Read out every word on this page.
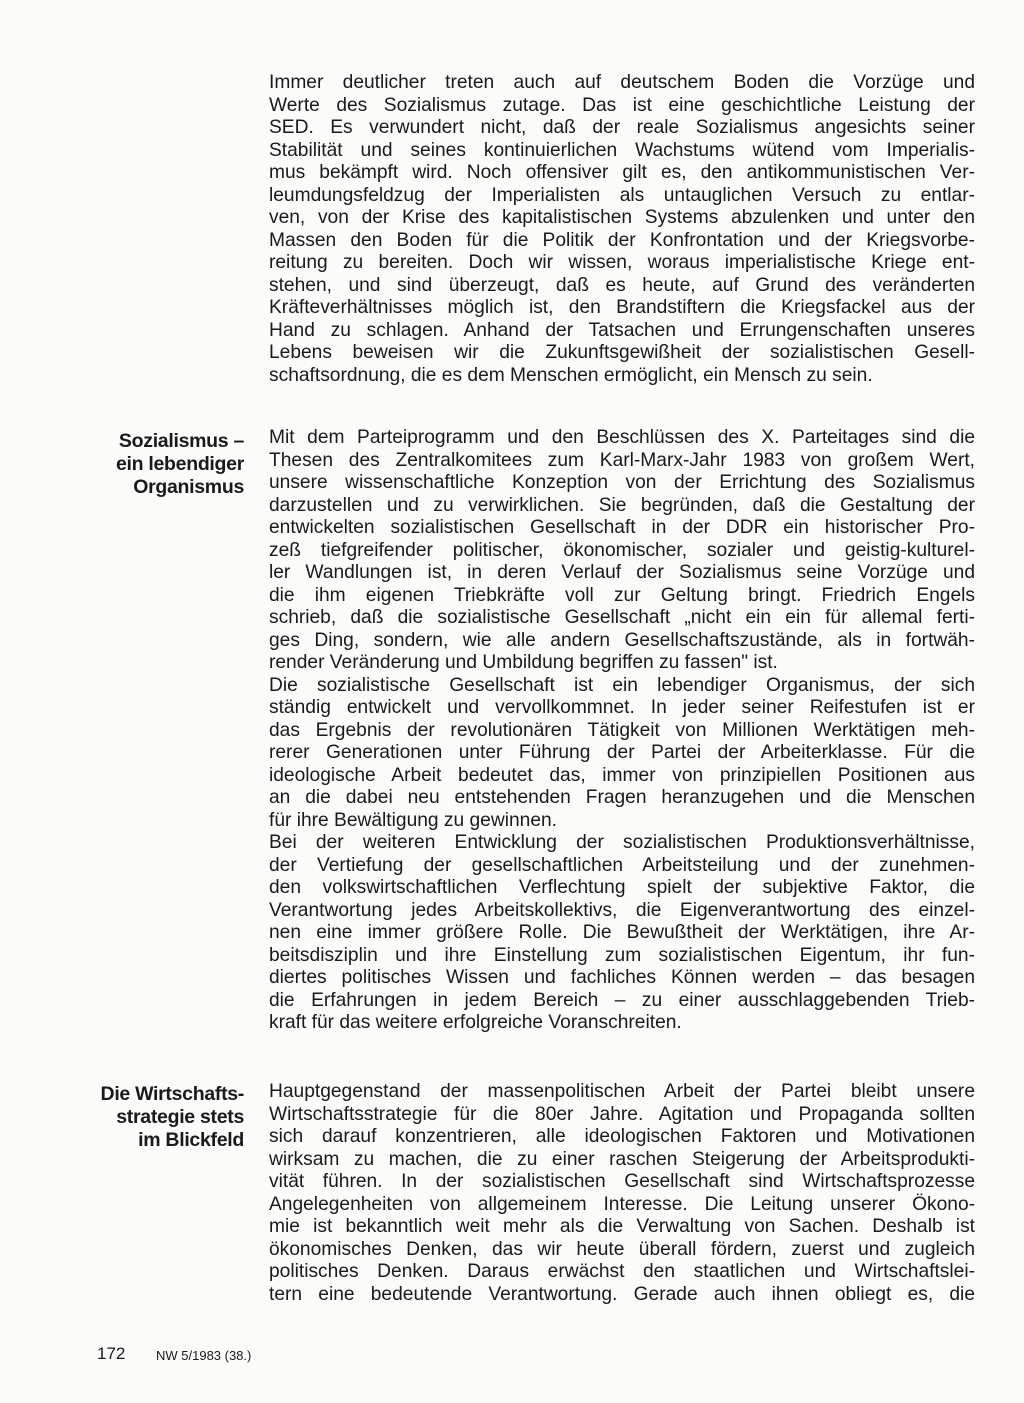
Immer deutlicher treten auch auf deutschem Boden die Vorzüge und
Werte des Sozialismus zutage. Das ist eine geschichtliche Leistung der
SED. Es verwundert nicht, daß der reale Sozialismus angesichts seiner
Stabilität und seines kontinuierlichen Wachstums wütend vom Imperialis-
mus bekämpft wird. Noch offensiver gilt es, den antikommunistischen Ver-
leumdungsfeldzug der Imperialisten als untauglichen Versuch zu entlar-
ven, von der Krise des kapitalistischen Systems abzulenken und unter den
Massen den Boden für die Politik der Konfrontation und der Kriegsvorbe-
reitung zu bereiten. Doch wir wissen, woraus imperialistische Kriege ent-
stehen, und sind überzeugt, daß es heute, auf Grund des veränderten
Kräfteverhältnisses möglich ist, den Brandstiftern die Kriegsfackel aus der
Hand zu schlagen. Anhand der Tatsachen und Errungenschaften unseres
Lebens beweisen wir die Zukunftsgewißheit der sozialistischen Gesell-
schaftsordnung, die es dem Menschen ermöglicht, ein Mensch zu sein.
Sozialismus –
ein lebendiger
Organismus
Mit dem Parteiprogramm und den Beschlüssen des X. Parteitages sind die
Thesen des Zentralkomitees zum Karl-Marx-Jahr 1983 von großem Wert,
unsere wissenschaftliche Konzeption von der Errichtung des Sozialismus
darzustellen und zu verwirklichen. Sie begründen, daß die Gestaltung der
entwickelten sozialistischen Gesellschaft in der DDR ein historischer Pro-
zeß tiefgreifender politischer, ökonomischer, sozialer und geistig-kulturel-
ler Wandlungen ist, in deren Verlauf der Sozialismus seine Vorzüge und
die ihm eigenen Triebkräfte voll zur Geltung bringt. Friedrich Engels
schrieb, daß die sozialistische Gesellschaft „nicht ein ein für allemal ferti-
ges Ding, sondern, wie alle andern Gesellschaftszustände, als in fortwäh-
render Veränderung und Umbildung begriffen zu fassen" ist.
Die sozialistische Gesellschaft ist ein lebendiger Organismus, der sich
ständig entwickelt und vervollkommnet. In jeder seiner Reifestufen ist er
das Ergebnis der revolutionären Tätigkeit von Millionen Werktätigen meh-
rerer Generationen unter Führung der Partei der Arbeiterklasse. Für die
ideologische Arbeit bedeutet das, immer von prinzipiellen Positionen aus
an die dabei neu entstehenden Fragen heranzugehen und die Menschen
für ihre Bewältigung zu gewinnen.
Bei der weiteren Entwicklung der sozialistischen Produktionsverhältnisse,
der Vertiefung der gesellschaftlichen Arbeitsteilung und der zunehmen-
den volkswirtschaftlichen Verflechtung spielt der subjektive Faktor, die
Verantwortung jedes Arbeitskollektivs, die Eigenverantwortung des einzel-
nen eine immer größere Rolle. Die Bewußtheit der Werktätigen, ihre Ar-
beitsdisziplin und ihre Einstellung zum sozialistischen Eigentum, ihr fun-
diertes politisches Wissen und fachliches Können werden – das besagen
die Erfahrungen in jedem Bereich – zu einer ausschlaggebenden Trieb-
kraft für das weitere erfolgreiche Voranschreiten.
Die Wirtschafts-
strategie stets
im Blickfeld
Hauptgegenstand der massenpolitischen Arbeit der Partei bleibt unsere
Wirtschaftsstrategie für die 80er Jahre. Agitation und Propaganda sollten
sich darauf konzentrieren, alle ideologischen Faktoren und Motivationen
wirksam zu machen, die zu einer raschen Steigerung der Arbeitsprodukti-
vität führen. In der sozialistischen Gesellschaft sind Wirtschaftsprozesse
Angelegenheiten von allgemeinem Interesse. Die Leitung unserer Ökono-
mie ist bekanntlich weit mehr als die Verwaltung von Sachen. Deshalb ist
ökonomisches Denken, das wir heute überall fördern, zuerst und zugleich
politisches Denken. Daraus erwächst den staatlichen und Wirtschaftslei-
tern eine bedeutende Verantwortung. Gerade auch ihnen obliegt es, die
172 NW 5/1983 (38.)
